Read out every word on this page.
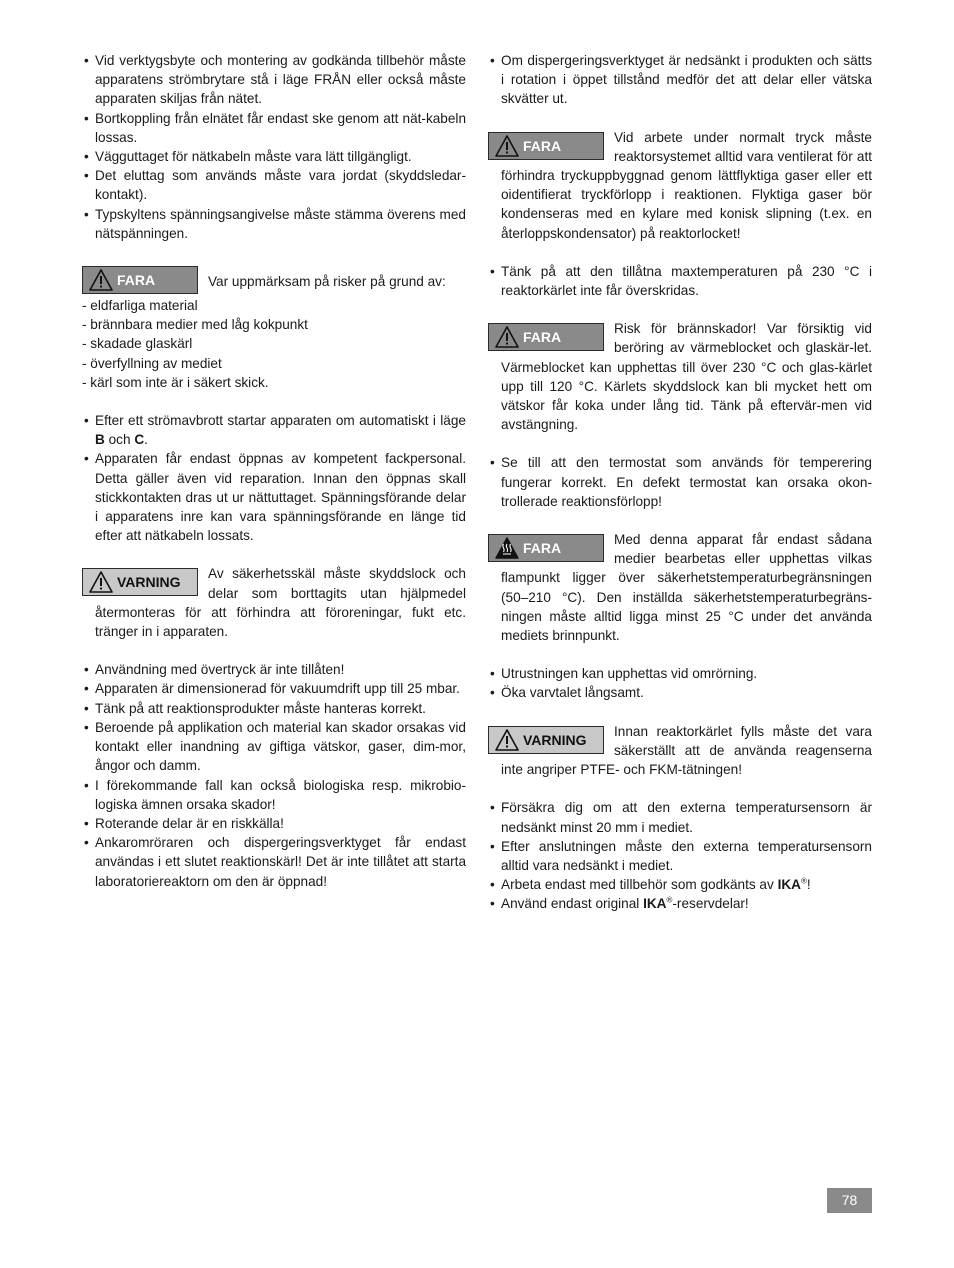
• Vid verktygsbyte och montering av godkända tillbehör måste apparatens strömbrytare stå i läge FRÅN eller också måste apparaten skiljas från nätet.
• Bortkoppling från elnätet får endast ske genom att nät-kabeln lossas.
• Vägguttaget för nätkabeln måste vara lätt tillgängligt.
• Det eluttag som används måste vara jordat (skyddsledar-kontakt).
• Typskyltens spänningsangivelse måste stämma överens med nätspänningen.
FARA	Var uppmärksam på risker på grund av:
- eldfarliga material
- brännbara medier med låg kokpunkt
- skadade glaskärl
- överfyllning av mediet
- kärl som inte är i säkert skick.
• Efter ett strömavbrott startar apparaten om automatiskt i läge B och C.
• Apparaten får endast öppnas av kompetent fackpersonal. Detta gäller även vid reparation. Innan den öppnas skall stickkontakten dras ut ur nättuttaget. Spänningsförande delar i apparatens inre kan vara spänningsförande en länge tid efter att nätkabeln lossats.
VARNING
Av säkerhetsskäl måste skyddslock och delar som borttagits utan hjälpmedel återmonteras för att förhindra att föroreningar, fukt etc. tränger in i apparaten.
• Användning med övertryck är inte tillåten!
• Apparaten är dimensionerad för vakuumdrift upp till 25 mbar.
• Tänk på att reaktionsprodukter måste hanteras korrekt.
• Beroende på applikation och material kan skador orsakas vid kontakt eller inandning av giftiga vätskor, gaser, dim-mor, ångor och damm.
• I förekommande fall kan också biologiska resp. mikrobio-logiska ämnen orsaka skador!
• Roterande delar är en riskkälla!
• Ankaromröraren och dispergeringsverktyget får endast användas i ett slutet reaktionskärl! Det är inte tillåtet att starta laboratoriereaktorn om den är öppnad!
• Om dispergeringsverktyget är nedsänkt i produkten och sätts i rotation i öppet tillstånd medför det att delar eller vätska skvätter ut.
FARA
Vid arbete under normalt tryck måste reaktorsystemet alltid vara ventilerat för att förhindra tryckuppbyggnad genom lättflyktiga gaser eller ett oidentifierat tryckförlopp i reaktionen. Flyktiga gaser bör kondenseras med en kylare med konisk slipning (t.ex. en återloppskondensator) på reaktorlocket!
• Tänk på att den tillåtna maxtemperaturen på 230 °C i reaktorkärlet inte får överskridas.
FARA
Risk för brännskador! Var försiktig vid beröring av värmeblocket och glaskär-let. Värmeblocket kan upphettas till över 230 °C och glas-kärlet upp till 120 °C. Kärlets skyddslock kan bli mycket hett om vätskor får koka under lång tid. Tänk på eftervär-men vid avstängning.
• Se till att den termostat som används för temperering fungerar korrekt. En defekt termostat kan orsaka okon-trollerade reaktionsförlopp!
FARA
Med denna apparat får endast sådana medier bearbetas eller upphettas vilkas flampunkt ligger över säkerhetstemperaturbegränsningen (50–210 °C). Den inställda säkerhetstemperaturbegräns-ningen måste alltid ligga minst 25 °C under det använda mediets brinnpunkt.
• Utrustningen kan upphettas vid omrörning.
• Öka varvtalet långsamt.
VARNING
Innan reaktorkärlet fylls måste det vara säkerställt att de använda reagenserna inte angriper PTFE- och FKM-tätningen!
• Försäkra dig om att den externa temperatursensorn är nedsänkt minst 20 mm i mediet.
• Efter anslutningen måste den externa temperatursensorn alltid vara nedsänkt i mediet.
• Arbeta endast med tillbehör som godkänts av IKA®!
• Använd endast original IKA®-reservdelar!
78
